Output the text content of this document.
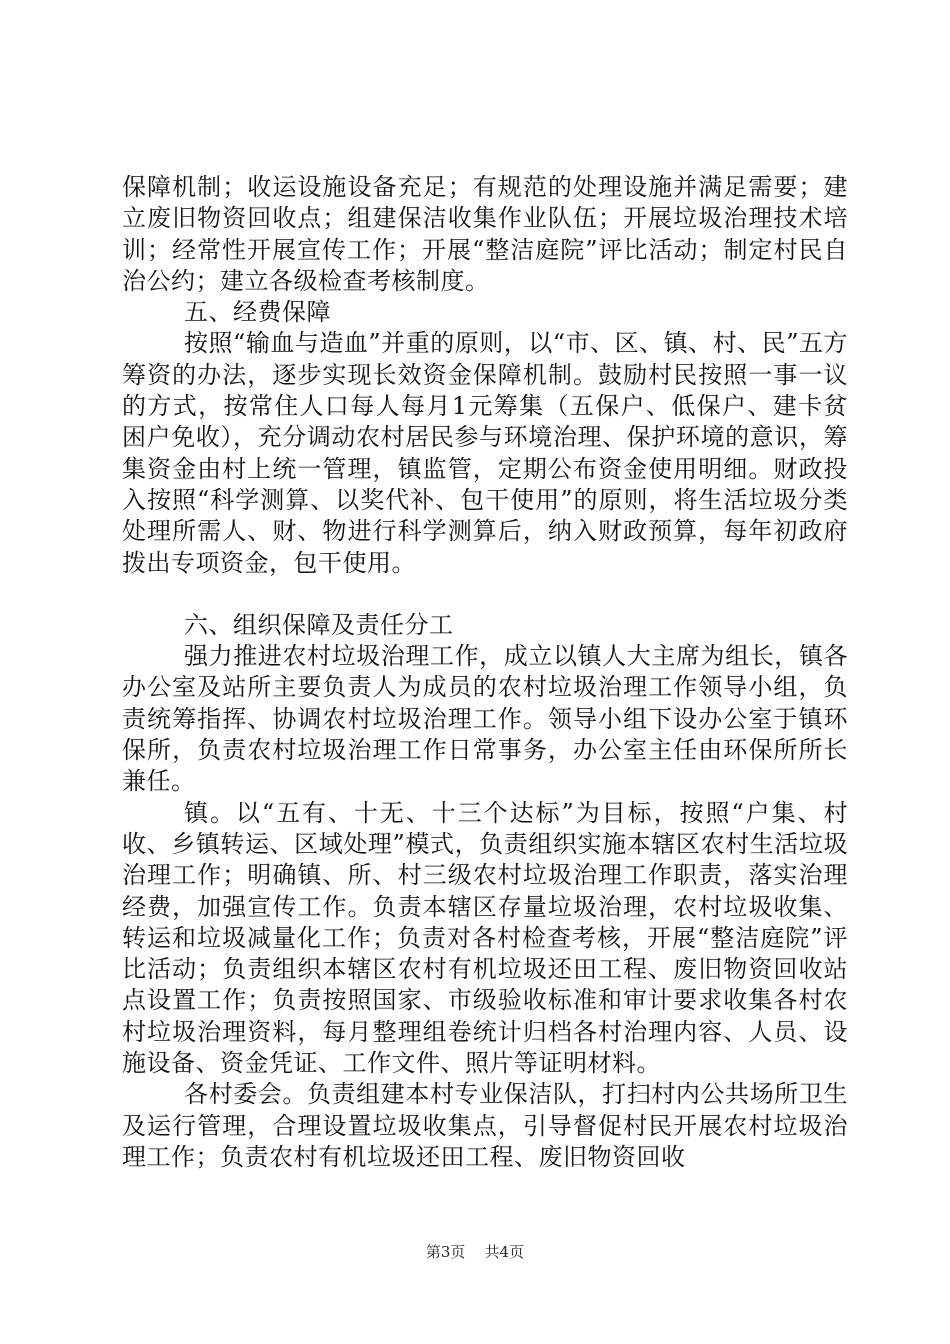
保障机制；收运设施设备充足；有规范的处理设施并满足需要；建立废旧物资回收点；组建保洁收集作业队伍；开展垃圾治理技术培训；经常性开展宣传工作；开展“整洁庭院”评比活动；制定村民自治公约；建立各级检查考核制度。

五、经费保障

按照“输血与造血”并重的原则，以“市、区、镇、村、民”五方筹资的办法，逐步实现长效资金保障机制。鼓励村民按照一事一议的方式，按常住人口每人每月1元筹集（五保户、低保户、建卡贫困户免收），充分调动农村居民参与环境治理、保护环境的意识，筹集资金由村上统一管理，镇监管，定期公布资金使用明细。财政投入按照“科学测算、以奖代补、包干使用”的原则，将生活垃圾分类处理所需人、财、物进行科学测算后，纳入财政预算，每年初政府拨出专项资金，包干使用。

六、组织保障及责任分工

强力推进农村垃圾治理工作，成立以镇人大主席为组长，镇各办公室及站所主要负责人为成员的农村垃圾治理工作领导小组，负责统筹指挥、协调农村垃圾治理工作。领导小组下设办公室于镇环保所，负责农村垃圾治理工作日常事务，办公室主任由环保所所长兼任。

镇。以“五有、十无、十三个达标”为目标，按照“户集、村收、乡镇转运、区域处理”模式，负责组织实施本辖区农村生活垃圾治理工作；明确镇、所、村三级农村垃圾治理工作职责，落实治理经费，加强宣传工作。负责本辖区存量垃圾治理，农村垃圾收集、转运和垃圾减量化工作；负责对各村检查考核，开展“整洁庭院”评比活动；负责组织本辖区农村有机垃圾还田工程、废旧物资回收站点设置工作；负责按照国家、市级验收标准和审计要求收集各村农村垃圾治理资料，每月整理组卷统计归档各村治理内容、人员、设施设备、资金凭证、工作文件、照片等证明材料。

各村委会。负责组建本村专业保洁队，打扫村内公共场所卫生及运行管理，合理设置垃圾收集点，引导督促村民开展农村垃圾治理工作；负责农村有机垃圾还田工程、废旧物资回收

第3页 共4页
